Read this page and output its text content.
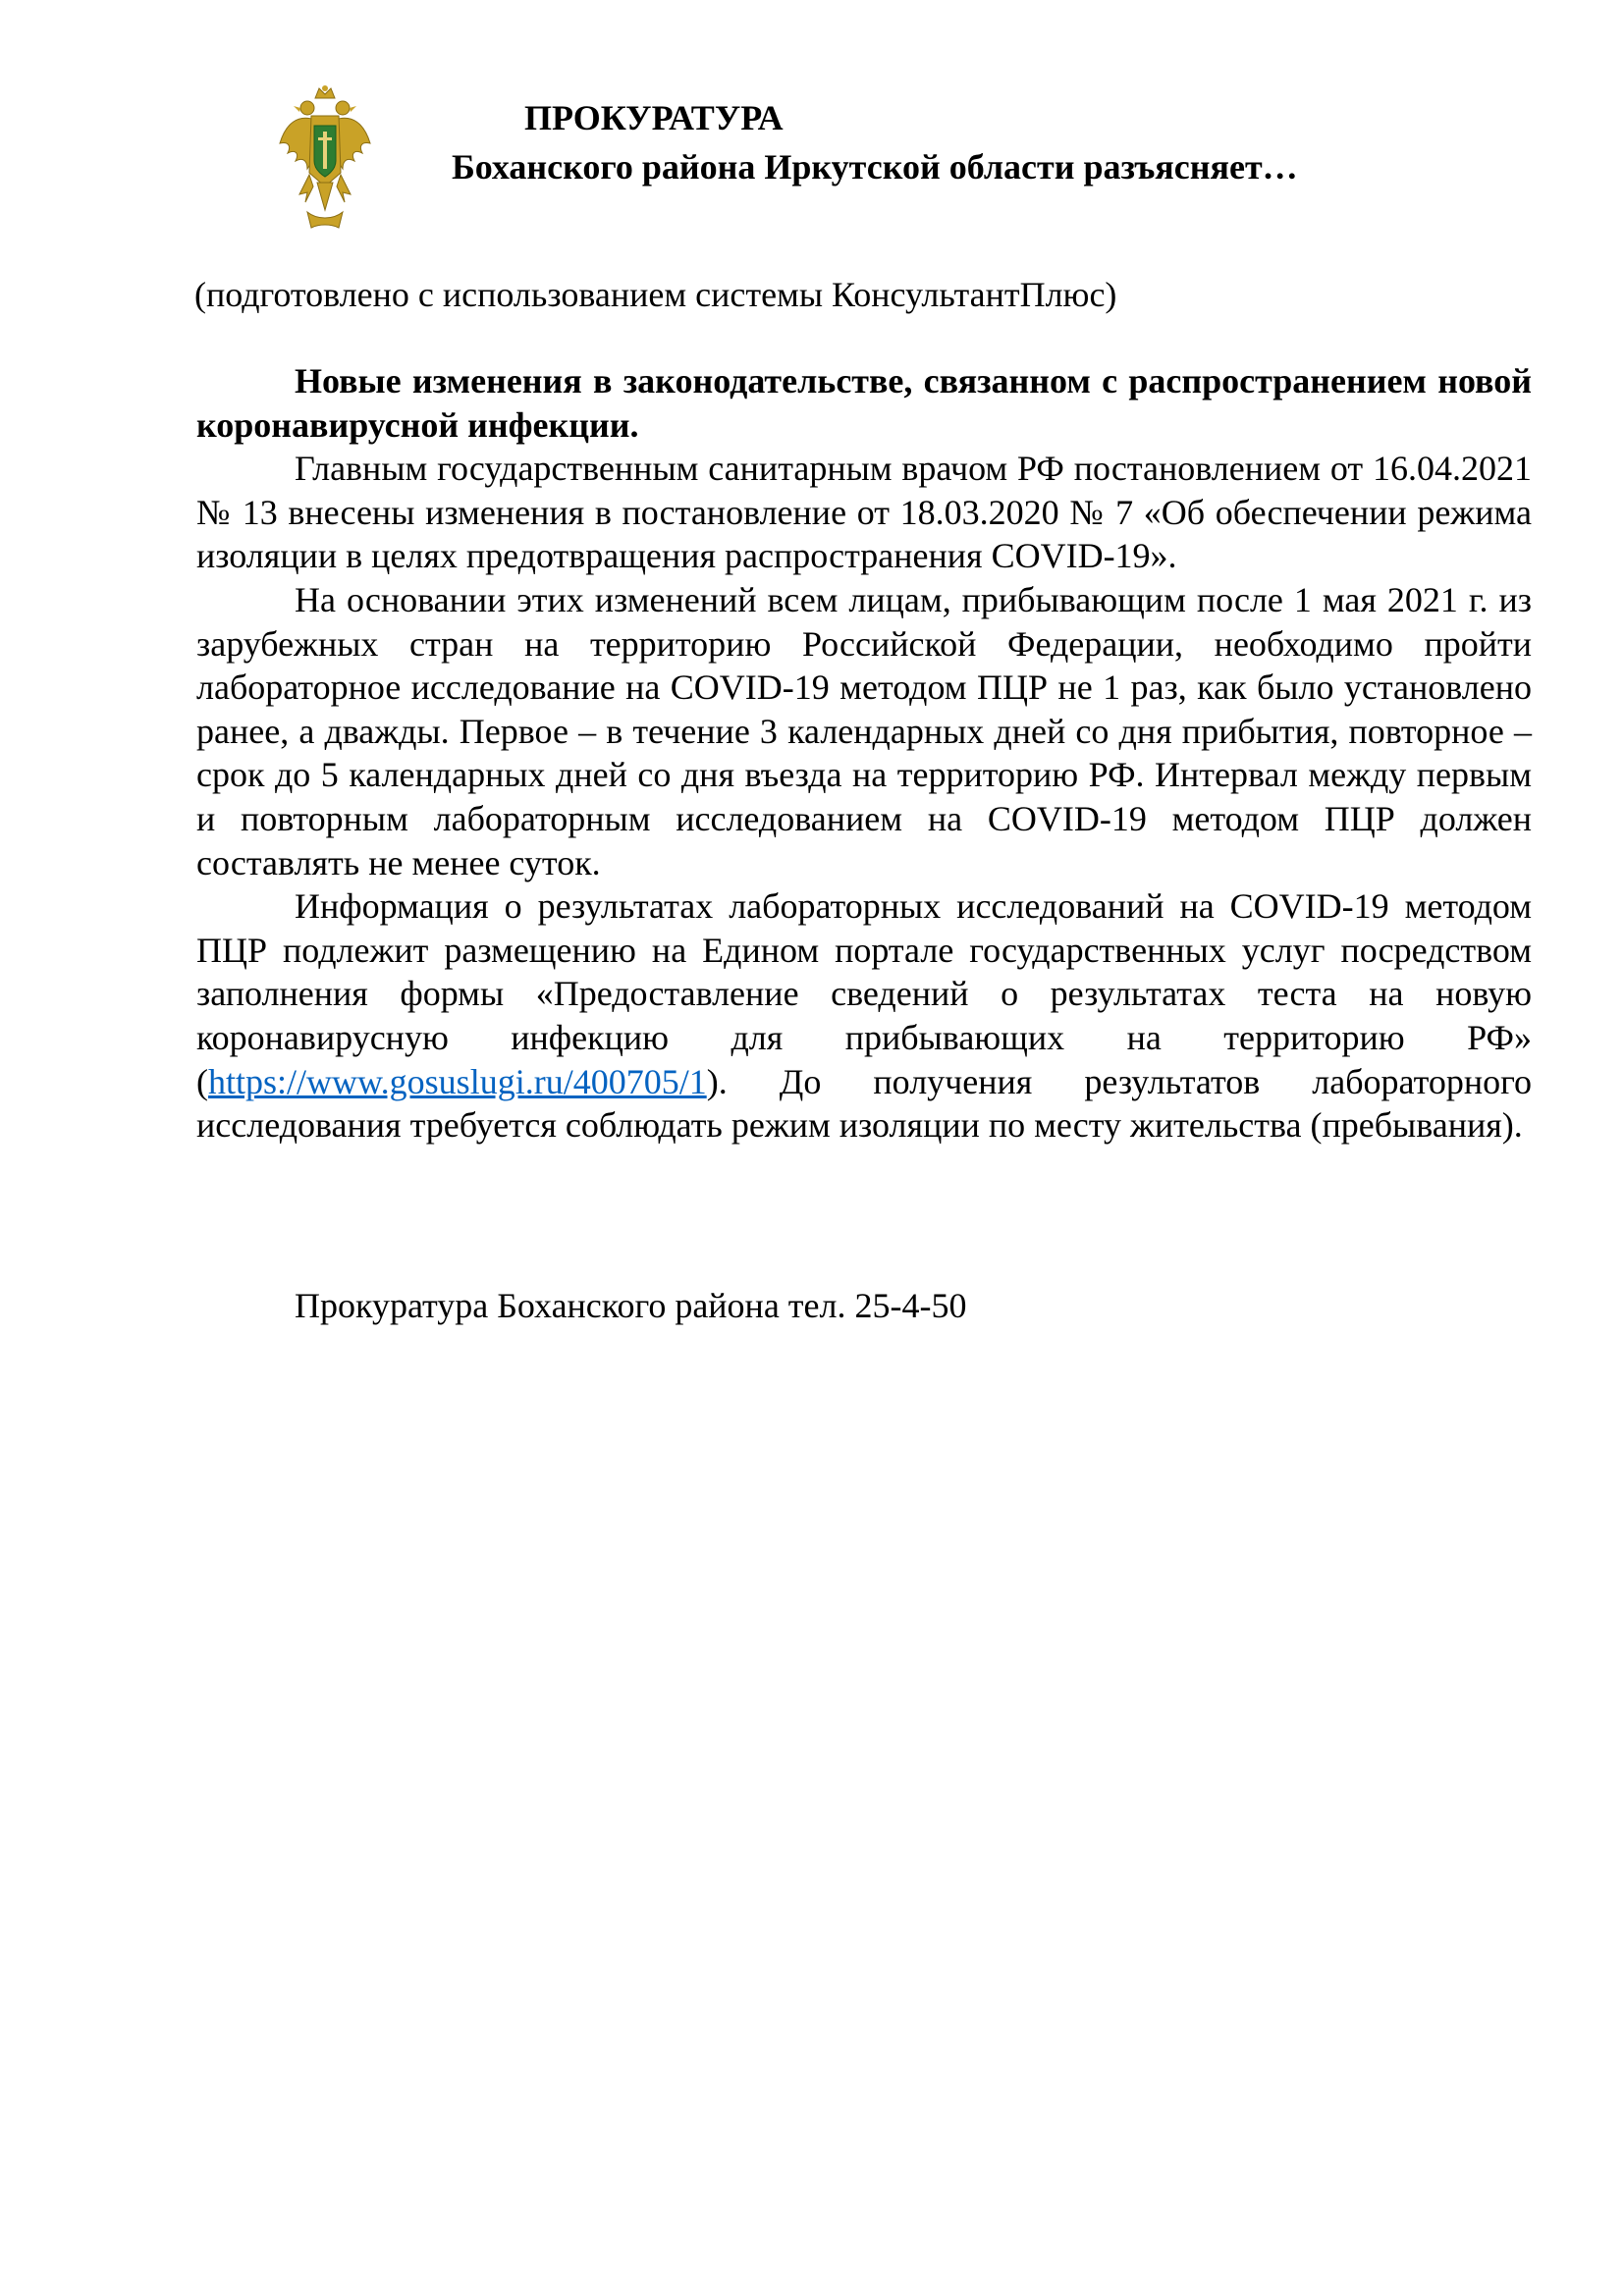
ПРОКУРАТУРА
Боханского района Иркутской области разъясняет…
(подготовлено с использованием системы КонсультантПлюс)

Новые изменения в законодательстве, связанном с распространением новой коронавирусной инфекции.

Главным государственным санитарным врачом РФ постановлением от 16.04.2021 № 13 внесены изменения в постановление от 18.03.2020 № 7 «Об обеспечении режима изоляции в целях предотвращения распространения COVID-19».

На основании этих изменений всем лицам, прибывающим после 1 мая 2021 г. из зарубежных стран на территорию Российской Федерации, необходимо пройти лабораторное исследование на COVID-19 методом ПЦР не 1 раз, как было установлено ранее, а дважды. Первое – в течение 3 календарных дней со дня прибытия, повторное – срок до 5 календарных дней со дня въезда на территорию РФ. Интервал между первым и повторным лабораторным исследованием на COVID-19 методом ПЦР должен составлять не менее суток.

Информация о результатах лабораторных исследований на COVID-19 методом ПЦР подлежит размещению на Едином портале государственных услуг посредством заполнения формы «Предоставление сведений о результатах теста на новую коронавирусную инфекцию для прибывающих на территорию РФ» (https://www.gosuslugi.ru/400705/1). До получения результатов лабораторного исследования требуется соблюдать режим изоляции по месту жительства (пребывания).

Прокуратура Боханского района тел. 25-4-50
